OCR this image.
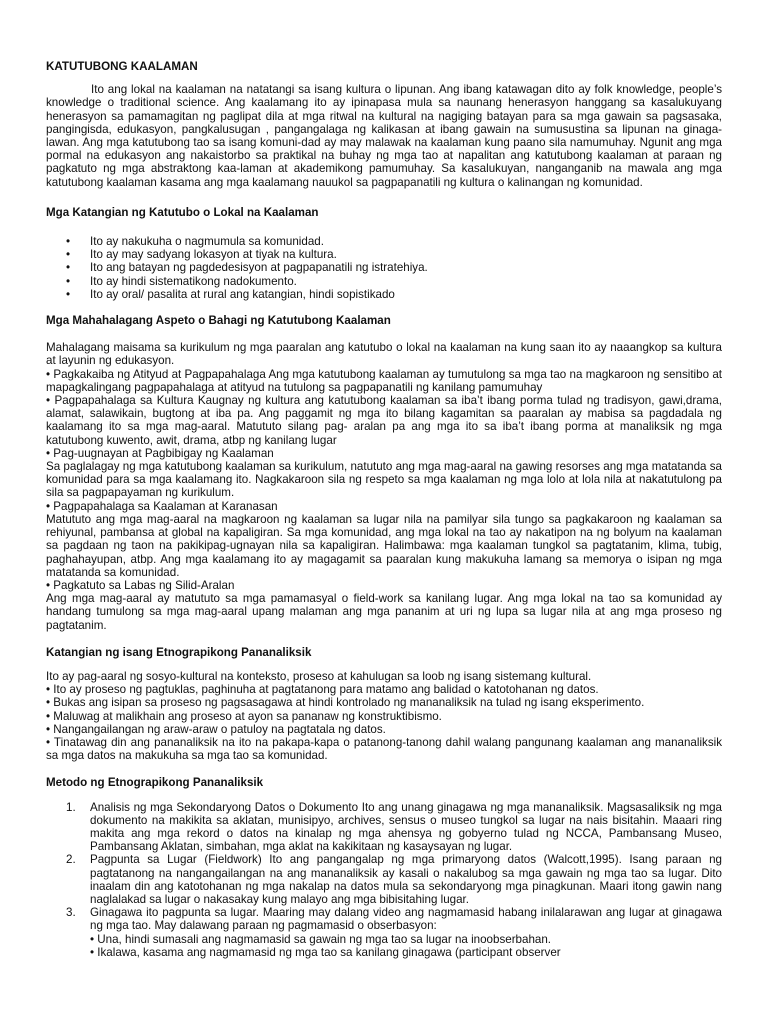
KATUTUBONG KAALAMAN

Ito ang lokal na kaalaman na natatangi sa isang kultura o lipunan. Ang ibang katawagan dito ay folk knowledge, people’s knowledge o traditional science. Ang kaalamang ito ay ipinapasa mula sa naunang henerasyon hanggang sa kasalukuyang henerasyon sa pamamagitan ng paglipat dila at mga ritwal na kultural na nagiging batayan para sa mga gawain sa pagsasaka, pangingisda, edukasyon, pangkalusugan , pangangalaga ng kalikasan at ibang gawain na sumusustina sa lipunan na ginaga-lawan. Ang mga katutubong tao sa isang komuni-dad ay may malawak na kaalaman kung paano sila namumuhay. Ngunit ang mga pormal na edukasyon ang nakaistorbo sa praktikal na buhay ng mga tao at napalitan ang katutubong kaalaman at paraan ng pagkatuto ng mga abstraktong kaa-laman at akademikong pamumuhay. Sa kasalukuyan, nanganganib na mawala ang mga katutubong kaalaman kasama ang mga kaalamang nauukol sa pagpapanatili ng kultura o kalinangan ng komunidad.

Mga Katangian ng Katutubo o Lokal na Kaalaman

• Ito ay nakukuha o nagmumula sa komunidad.
• Ito ay may sadyang lokasyon at tiyak na kultura.
• Ito ang batayan ng pagdedesisyon at pagpapanatili ng istratehiya.
• Ito ay hindi sistematikong nadokumento.
• Ito ay oral/ pasalita at rural ang katangian, hindi sopistikado

Mga Mahahalagang Aspeto o Bahagi ng Katutubong Kaalaman

Mahalagang maisama sa kurikulum ng mga paaralan ang katutubo o lokal na kaalaman na kung saan ito ay naaangkop sa kultura at layunin ng edukasyon.

• Pagkakaiba ng Atityud at Pagpapahalaga Ang mga katutubong kaalaman ay tumutulong sa mga tao na magkaroon ng sensitibo at mapagkalingang pagpapahalaga at atityud na tutulong sa pagpapanatili ng kanilang pamumuhay

• Pagpapahalaga sa Kultura Kaugnay ng kultura ang katutubong kaalaman sa iba’t ibang porma tulad ng tradisyon, gawi,drama, alamat, salawikain, bugtong at iba pa. Ang paggamit ng mga ito bilang kagamitan sa paaralan ay mabisa sa pagdadala ng kaalamang ito sa mga mag-aaral. Matututo silang pag- aralan pa ang mga ito sa iba’t ibang porma at manaliksik ng mga katutubong kuwento, awit, drama, atbp ng kanilang lugar

• Pag-uugnayan at Pagbibigay ng Kaalaman

Sa paglalagay ng mga katutubong kaalaman sa kurikulum, natututo ang mga mag-aaral na gawing resorses ang mga matatanda sa komunidad para sa mga kaalamang ito. Nagkakaroon sila ng respeto sa mga kaalaman ng mga lolo at lola nila at nakatutulong pa sila sa pagpapayaman ng kurikulum.

• Pagpapahalaga sa Kaalaman at Karanasan

Matututo ang mga mag-aaral na magkaroon ng kaalaman sa lugar nila na pamilyar sila tungo sa pagkakaroon ng kaalaman sa rehiyunal, pambansa at global na kapaligiran. Sa mga komunidad, ang mga lokal na tao ay nakatipon na ng bolyum na kaalaman sa pagdaan ng taon na pakikipag-ugnayan nila sa kapaligiran. Halimbawa: mga kaalaman tungkol sa pagtatanim, klima, tubig, paghahayupan, atbp. Ang mga kaalamang ito ay magagamit sa paaralan kung makukuha lamang sa memorya o isipan ng mga matatanda sa komunidad.

• Pagkatuto sa Labas ng Silid-Aralan

Ang mga mag-aaral ay matututo sa mga pamamasyal o field-work sa kanilang lugar. Ang mga lokal na tao sa komunidad ay handang tumulong sa mga mag-aaral upang malaman ang mga pananim at uri ng lupa sa lugar nila at ang mga proseso ng pagtatanim.

Katangian ng isang Etnograpikong Pananaliksik

Ito ay pag-aaral ng sosyo-kultural na konteksto, proseso at kahulugan sa loob ng isang sistemang kultural.

• Ito ay proseso ng pagtuklas, paghinuha at pagtatanong para matamo ang balidad o katotohanan ng datos.

• Bukas ang isipan sa proseso ng pagsasagawa at hindi kontrolado ng mananaliksik na tulad ng isang eksperimento.

• Maluwag at malikhain ang proseso at ayon sa pananaw ng konstruktibismo.

• Nangangailangan ng araw-araw o patuloy na pagtatala ng datos.

• Tinatawag din ang pananaliksik na ito na pakapa-kapa o patanong-tanong dahil walang pangunang kaalaman ang mananaliksik sa mga datos na makukuha sa mga tao sa komunidad.

Metodo ng Etnograpikong Pananaliksik

1. Analisis ng mga Sekondaryong Datos o Dokumento Ito ang unang ginagawa ng mga mananaliksik. Magsasaliksik ng mga dokumento na makikita sa aklatan, munisipyo, archives, sensus o museo tungkol sa lugar na nais bisitahin. Maaari ring makita ang mga rekord o datos na kinalap ng mga ahensya ng gobyerno tulad ng NCCA, Pambansang Museo, Pambansang Aklatan, simbahan, mga aklat na kakikitaan ng kasaysayan ng lugar.
2. Pagpunta sa Lugar (Fieldwork) Ito ang pangangalap ng mga primaryong datos (Walcott,1995). Isang paraan ng pagtatanong na nangangailangan na ang mananaliksik ay kasali o nakalubog sa mga gawain ng mga tao sa lugar. Dito inaalam din ang katotohanan ng mga nakalap na datos mula sa sekondaryong mga pinagkunan. Maari itong gawin nang naglalakad sa lugar o nakasakay kung malayo ang mga bibisitahing lugar.
3. Ginagawa ito pagpunta sa lugar. Maaring may dalang video ang nagmamasid habang inilalarawan ang lugar at ginagawa ng mga tao. May dalawang paraan ng pagmamasid o obserbasyon:
• Una, hindi sumasali ang nagmamasid sa gawain ng mga tao sa lugar na inoobserbahan.
• Ikalawa, kasama ang nagmamasid ng mga tao sa kanilang ginagawa (participant observer
